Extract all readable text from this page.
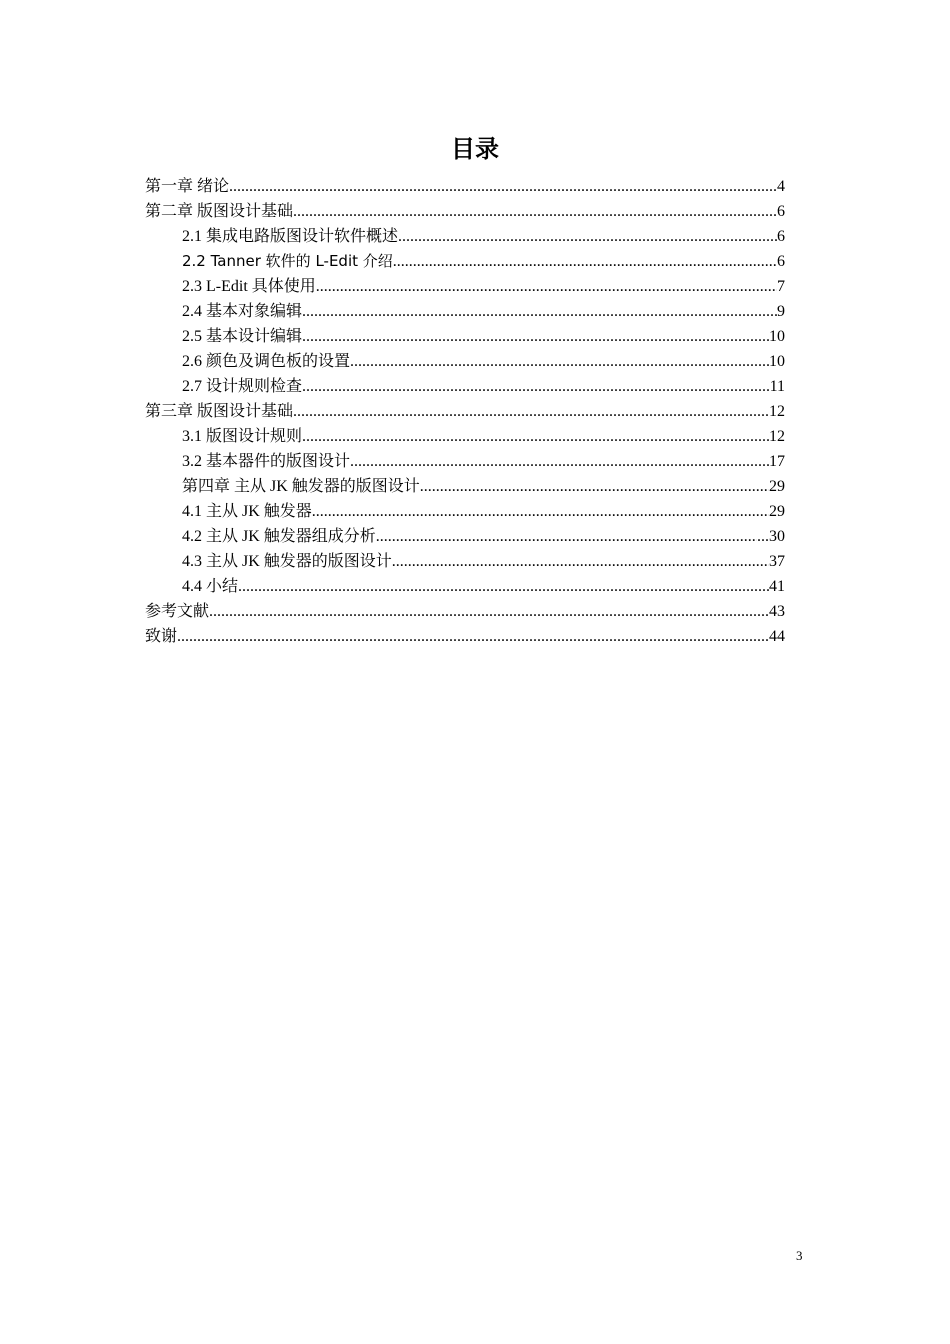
目录
第一章 绪论 .....	4
第二章 版图设计基础 .....	6
2.1 集成电路版图设计软件概述 .....	6
2.2 Tanner 软件的 L-Edit 介绍 .....	6
2.3 L-Edit 具体使用 .....	7
2.4 基本对象编辑 .....	9
2.5 基本设计编辑 .....	10
2.6 颜色及调色板的设置 .....	10
2.7 设计规则检查 .....	11
第三章 版图设计基础 .....	12
3.1 版图设计规则 .....	12
3.2 基本器件的版图设计 .....	17
第四章 主从 JK 触发器的版图设计 .....	29
4.1 主从 JK 触发器 .....	29
4.2 主从 JK 触发器组成分析 .....	...30
4.3 主从 JK 触发器的版图设计 .....	37
4.4 小结 .....	41
参考文献 .....	43
致谢 .....	44
3
